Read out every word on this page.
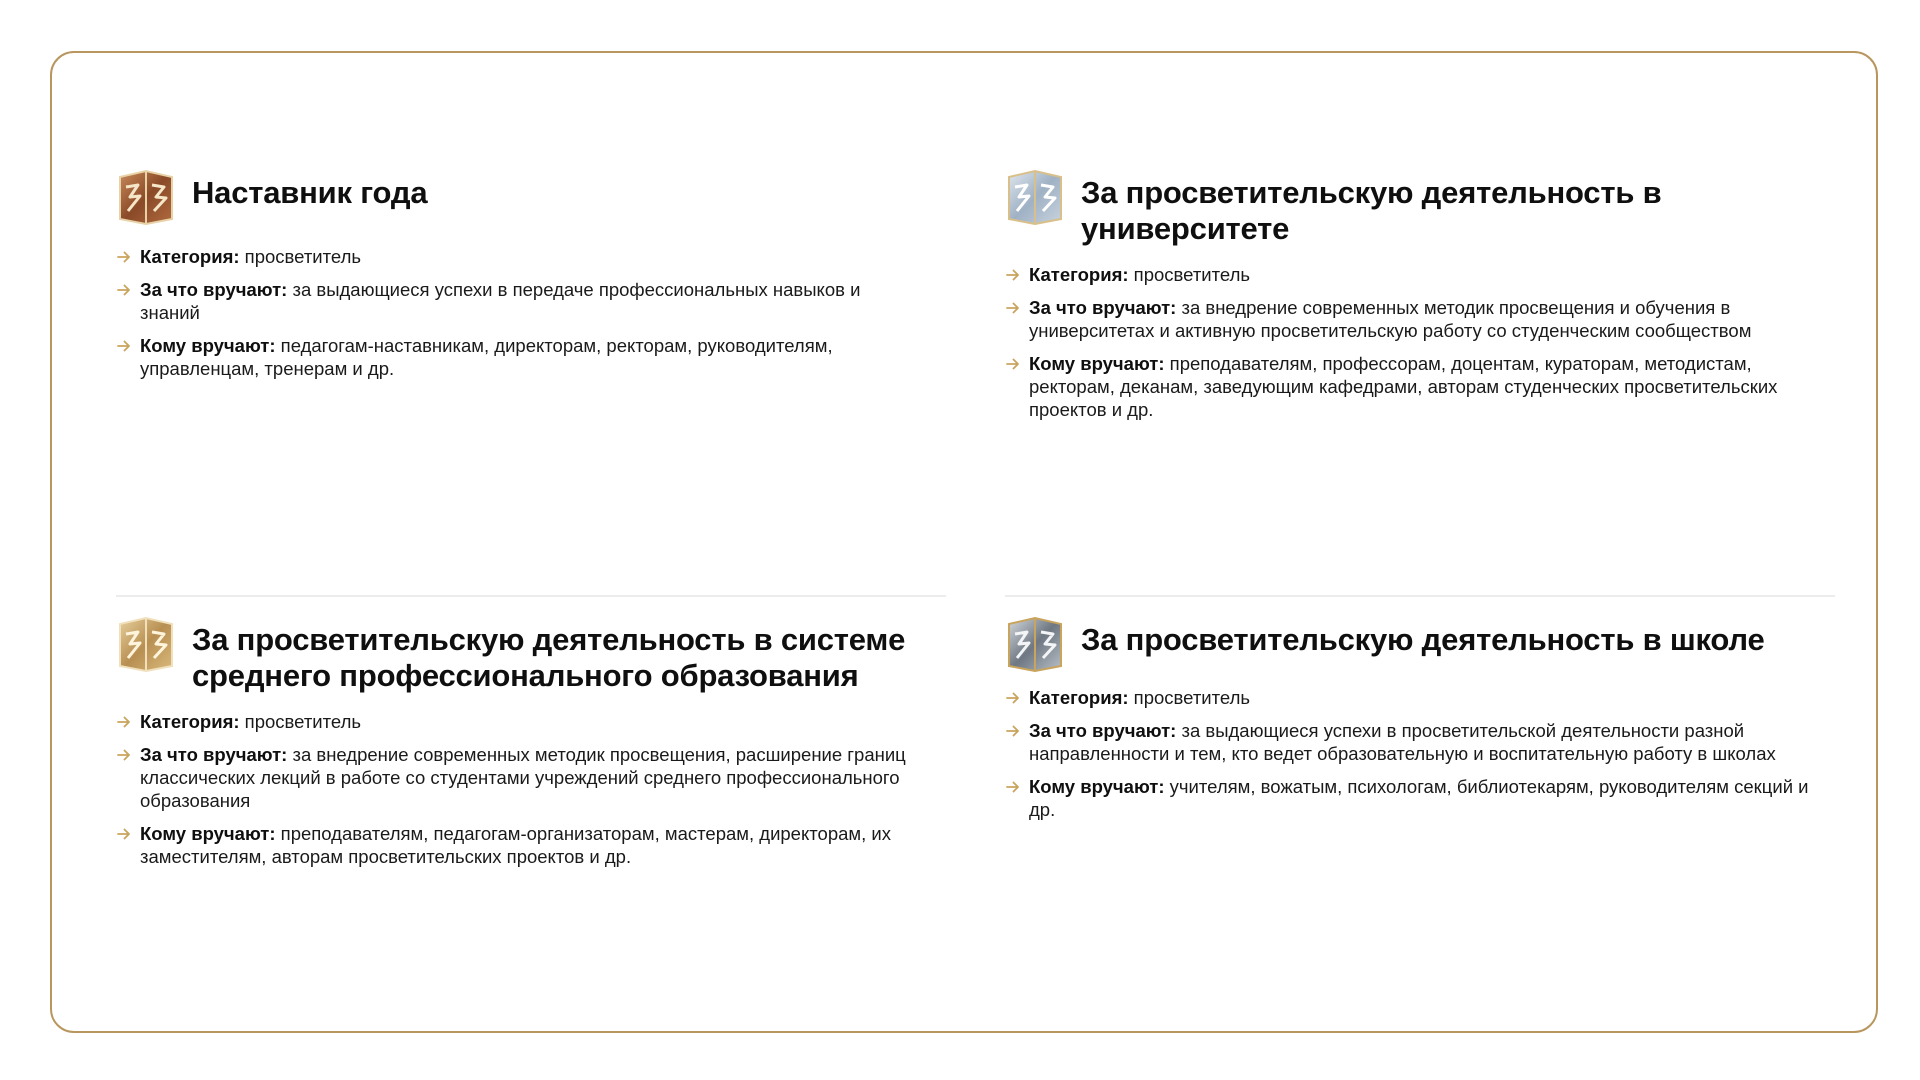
Наставник года
Категория: просветитель
За что вручают: за выдающиеся успехи в передаче профессиональных навыков и знаний
Кому вручают: педагогам-наставникам, директорам, ректорам, руководителям, управленцам, тренерам и др.
За просветительскую деятельность в университете
Категория: просветитель
За что вручают: за внедрение современных методик просвещения и обучения в университетах и активную просветительскую работу со студенческим сообществом
Кому вручают: преподавателям, профессорам, доцентам, кураторам, методистам, ректорам, деканам, заведующим кафедрами, авторам студенческих просветительских проектов и др.
За просветительскую деятельность в системе среднего профессионального образования
Категория: просветитель
За что вручают: за внедрение современных методик просвещения, расширение границ классических лекций в работе со студентами учреждений среднего профессионального образования
Кому вручают: преподавателям, педагогам-организаторам, мастерам, директорам, их заместителям, авторам просветительских проектов и др.
За просветительскую деятельность в школе
Категория: просветитель
За что вручают: за выдающиеся успехи в просветительской деятельности разной направленности и тем, кто ведет образовательную и воспитательную работу в школах
Кому вручают: учителям, вожатым, психологам, библиотекарям, руководителям секций и др.
